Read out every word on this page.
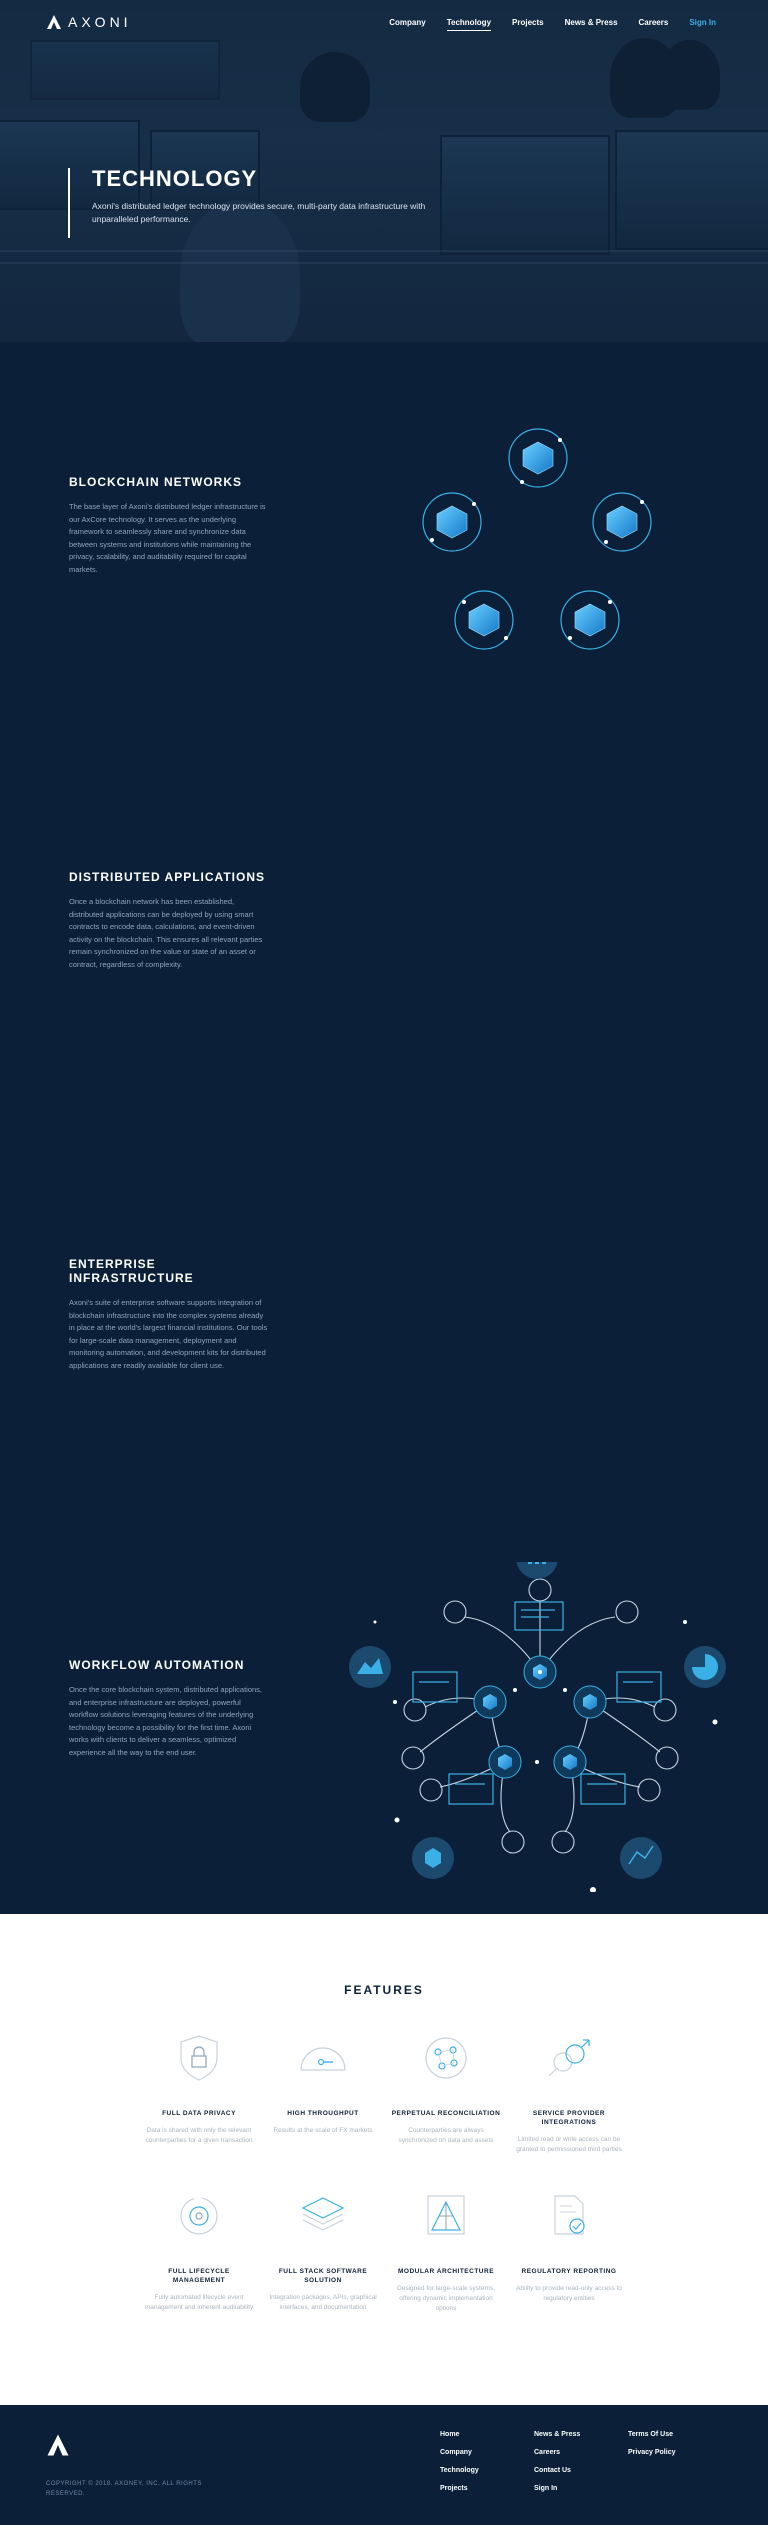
AXONI	Company	Technology	Projects	News & Press	Careers	Sign In
TECHNOLOGY

Axoni's distributed ledger technology provides secure, multi-party data infrastructure with unparalleled performance.

BLOCKCHAIN NETWORKS

The base layer of Axoni's distributed ledger infrastructure is our AxCore technology. It serves as the underlying framework to seamlessly share and synchronize data between systems and institutions while maintaining the privacy, scalability, and auditability required for capital markets.

DISTRIBUTED APPLICATIONS

Once a blockchain network has been established, distributed applications can be deployed by using smart contracts to encode data, calculations, and event-driven activity on the blockchain. This ensures all relevant parties remain synchronized on the value or state of an asset or contract, regardless of complexity.

ENTERPRISE INFRASTRUCTURE

Axoni's suite of enterprise software supports integration of blockchain infrastructure into the complex systems already in place at the world's largest financial institutions. Our tools for large-scale data management, deployment and monitoring automation, and development kits for distributed applications are readily available for client use.

WORKFLOW AUTOMATION

Once the core blockchain system, distributed applications, and enterprise infrastructure are deployed, powerful workflow solutions leveraging features of the underlying technology become a possibility for the first time. Axoni works with clients to deliver a seamless, optimized experience all the way to the end user.

FEATURES
FULL DATA PRIVACY
Data is shared with only the relevant counterparties for a given transaction
HIGH THROUGHPUT
Results at the scale of FX markets
PERPETUAL RECONCILIATION
Counterparties are always synchronized on data and assets
SERVICE PROVIDER INTEGRATIONS
Limited read or write access can be granted to permissioned third parties
FULL LIFECYCLE MANAGEMENT
Fully automated lifecycle event management and inherent auditability
FULL STACK SOFTWARE SOLUTION
Integration packages, APIs, graphical interfaces, and documentation
MODULAR ARCHITECTURE
Designed for large-scale systems, offering dynamic implementation options
REGULATORY REPORTING
Ability to provide read-only access to regulatory entities
COPYRIGHT © 2018. AXONEY, INC. ALL RIGHTS RESERVED.
Home
Company
Technology
Projects
News & Press
Careers
Contact Us
Sign In
Terms Of Use
Privacy Policy
